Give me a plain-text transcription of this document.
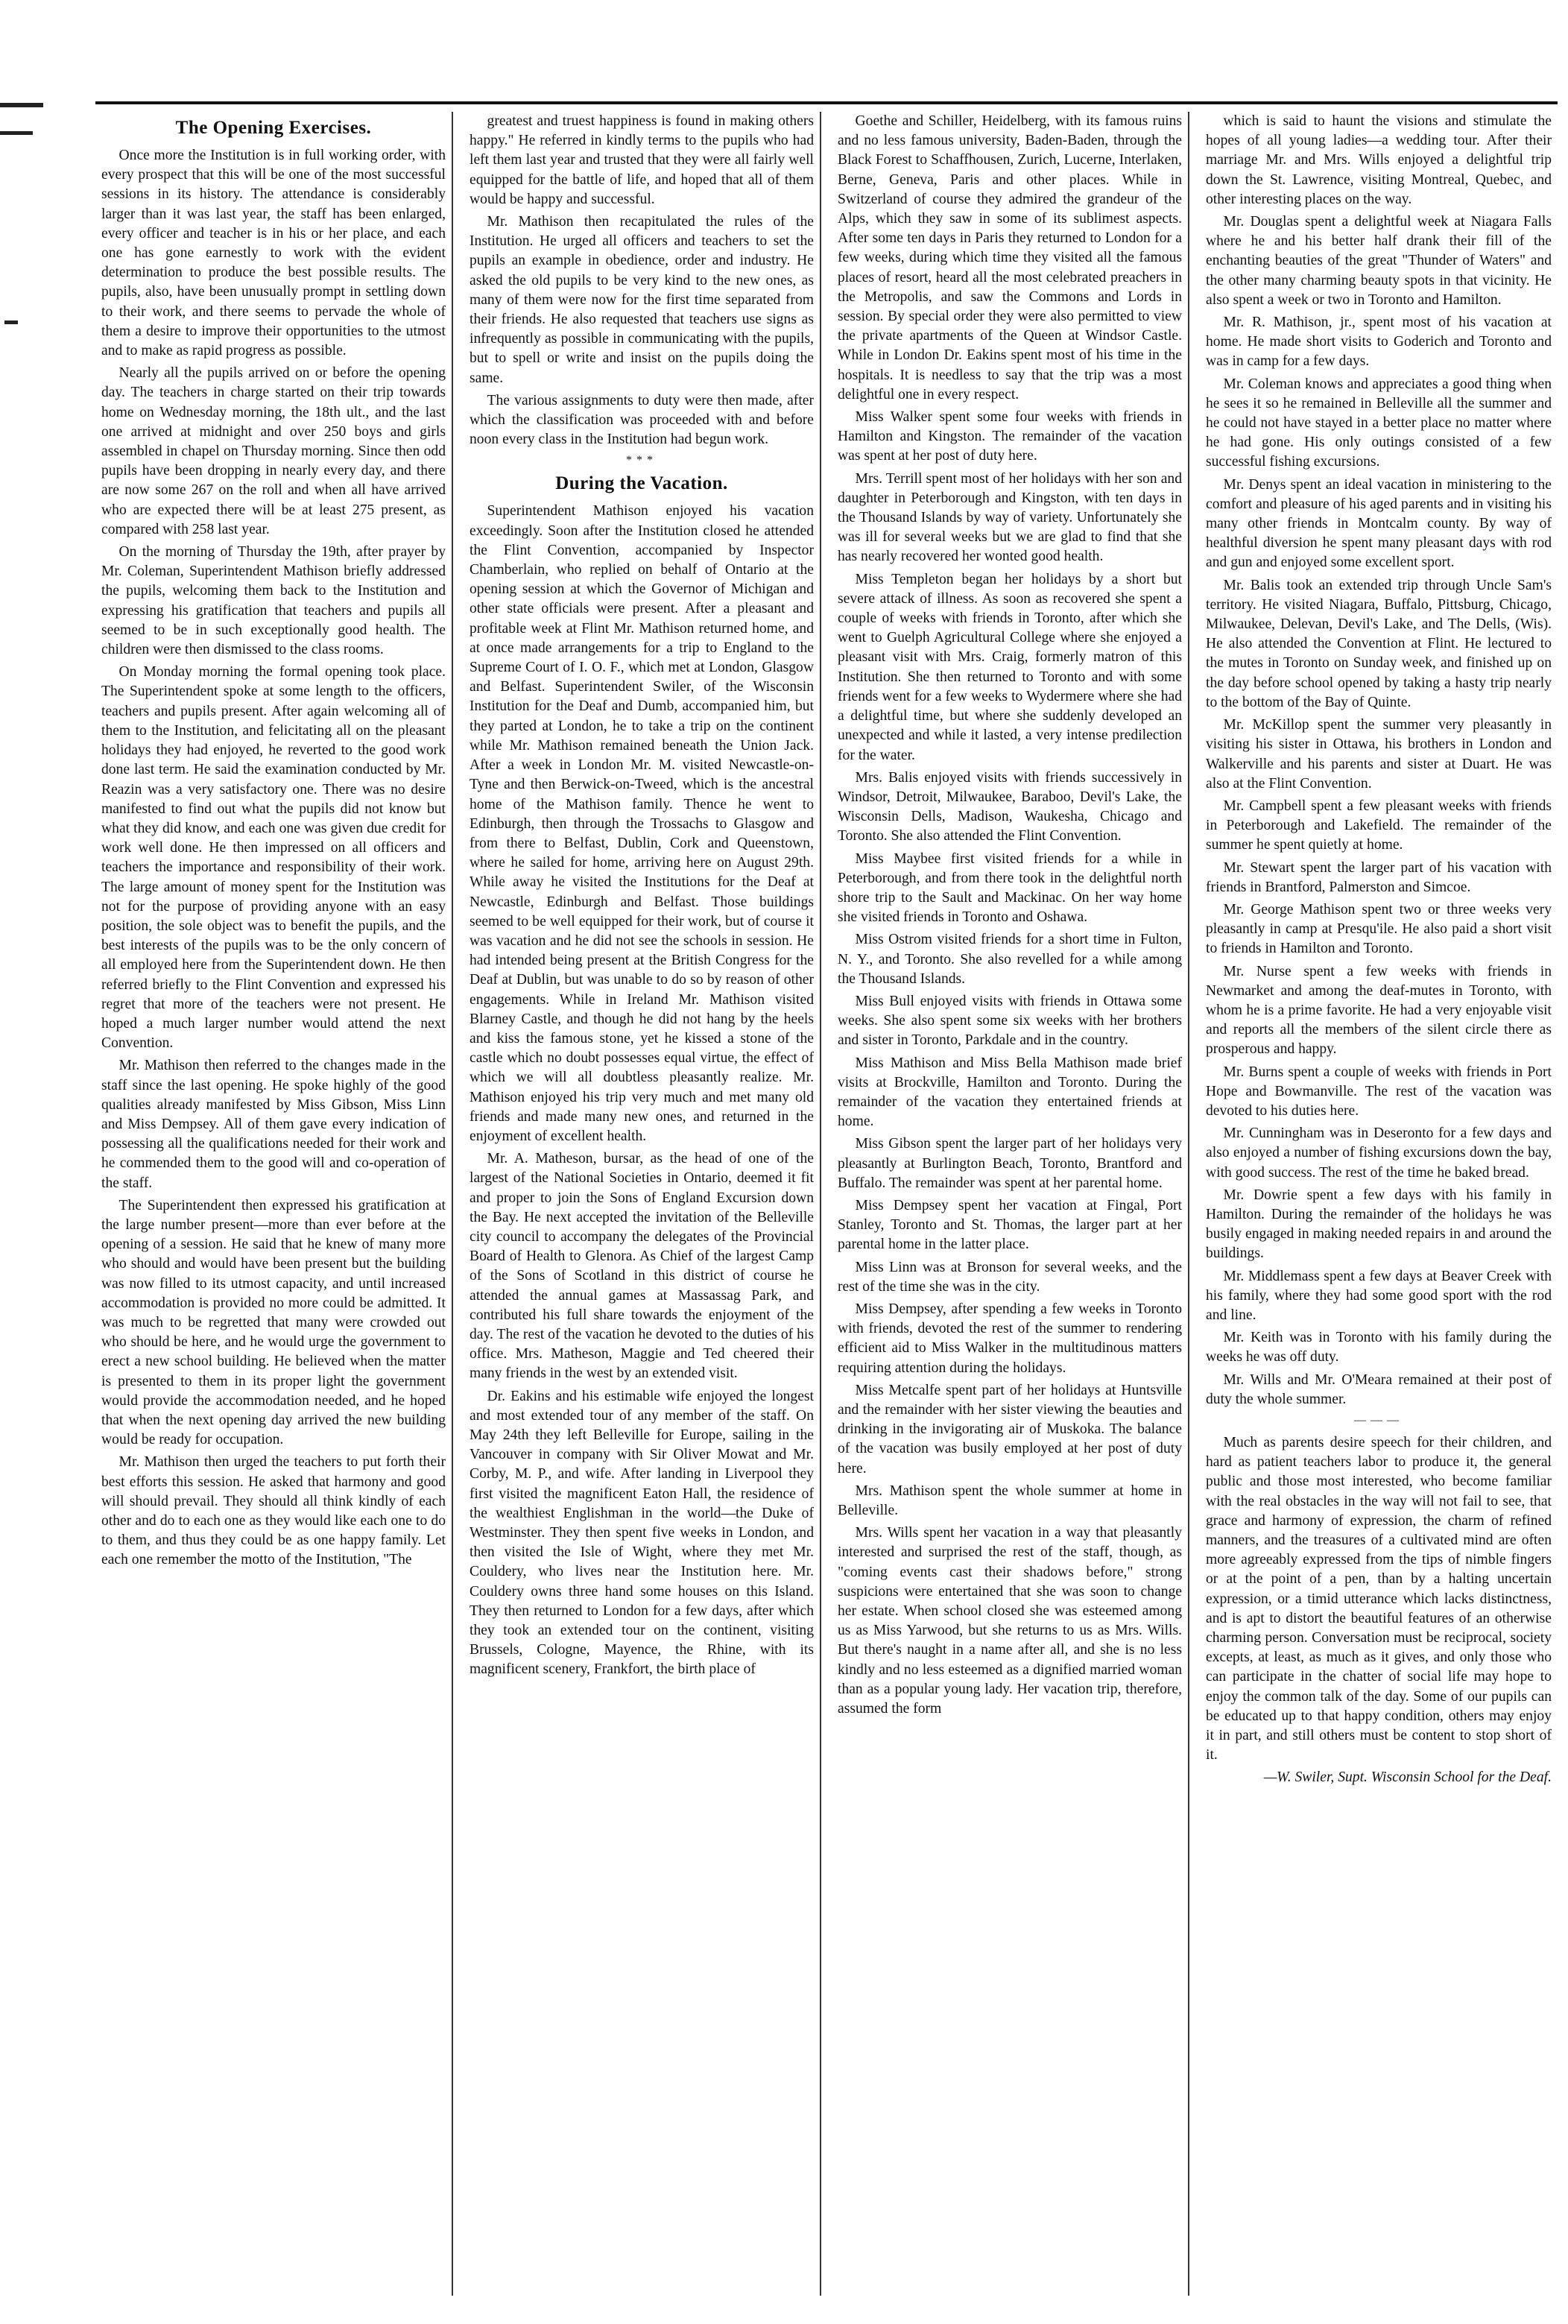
The Opening Exercises.

Once more the Institution is in full working order, with every prospect that this will be one of the most successful sessions in its history. The attendance is considerably larger than it was last year, the staff has been enlarged, every officer and teacher is in his or her place, and each one has gone earnestly to work with the evident determination to produce the best possible results. The pupils, also, have been unusually prompt in settling down to their work, and there seems to pervade the whole of them a desire to improve their opportunities to the utmost and to make as rapid progress as possible.

Nearly all the pupils arrived on or before the opening day. The teachers in charge started on their trip towards home on Wednesday morning, the 18th ult., and the last one arrived at midnight and over 250 boys and girls assembled in chapel on Thursday morning. Since then odd pupils have been dropping in nearly every day, and there are now some 267 on the roll and when all have arrived who are expected there will be at least 275 present, as compared with 258 last year.

On the morning of Thursday the 19th, after prayer by Mr. Coleman, Superintendent Mathison briefly addressed the pupils, welcoming them back to the Institution and expressing his gratification that teachers and pupils all seemed to be in such exceptionally good health. The children were then dismissed to the class rooms.

On Monday morning the formal opening took place. The Superintendent spoke at some length to the officers, teachers and pupils present. After again welcoming all of them to the Institution, and felicitating all on the pleasant holidays they had enjoyed, he reverted to the good work done last term. He said the examination conducted by Mr. Reazin was a very satisfactory one. There was no desire manifested to find out what the pupils did not know but what they did know, and each one was given due credit for work well done. He then impressed on all officers and teachers the importance and responsibility of their work. The large amount of money spent for the Institution was not for the purpose of providing anyone with an easy position, the sole object was to benefit the pupils, and the best interests of the pupils was to be the only concern of all employed here from the Superintendent down. He then referred briefly to the Flint Convention and expressed his regret that more of the teachers were not present. He hoped a much larger number would attend the next Convention.

Mr. Mathison then referred to the changes made in the staff since the last opening. He spoke highly of the good qualities already manifested by Miss Gibson, Miss Linn and Miss Dempsey. All of them gave every indication of possessing all the qualifications needed for their work and he commended them to the good will and co-operation of the staff.

The Superintendent then expressed his gratification at the large number present—more than ever before at the opening of a session. He said that he knew of many more who should and would have been present but the building was now filled to its utmost capacity, and until increased accommodation is provided no more could be admitted. It was much to be regretted that many were crowded out who should be here, and he would urge the government to erect a new school building. He believed when the matter is presented to them in its proper light the government would provide the accommodation needed, and he hoped that when the next opening day arrived the new building would be ready for occupation.

Mr. Mathison then urged the teachers to put forth their best efforts this session. He asked that harmony and good will should prevail. They should all think kindly of each other and do to each one as they would like each one to do to them, and thus they could be as one happy family. Let each one remember the motto of the Institution, "The

greatest and truest happiness is found in making others happy." He referred in kindly terms to the pupils who had left them last year and trusted that they were all fairly well equipped for the battle of life, and hoped that all of them would be happy and successful.

Mr. Mathison then recapitulated the rules of the Institution. He urged all officers and teachers to set the pupils an example in obedience, order and industry. He asked the old pupils to be very kind to the new ones, as many of them were now for the first time separated from their friends. He also requested that teachers use signs as infrequently as possible in communicating with the pupils, but to spell or write and insist on the pupils doing the same.

The various assignments to duty were then made, after which the classification was proceeded with and before noon every class in the Institution had begun work.

***
During the Vacation.

Superintendent Mathison enjoyed his vacation exceedingly. Soon after the Institution closed he attended the Flint Convention, accompanied by Inspector Chamberlain, who replied on behalf of Ontario at the opening session at which the Governor of Michigan and other state officials were present. After a pleasant and profitable week at Flint Mr. Mathison returned home, and at once made arrangements for a trip to England to the Supreme Court of I. O. F., which met at London, Glasgow and Belfast. Superintendent Swiler, of the Wisconsin Institution for the Deaf and Dumb, accompanied him, but they parted at London, he to take a trip on the continent while Mr. Mathison remained beneath the Union Jack. After a week in London Mr. M. visited Newcastle-on-Tyne and then Berwick-on-Tweed, which is the ancestral home of the Mathison family. Thence he went to Edinburgh, then through the Trossachs to Glasgow and from there to Belfast, Dublin, Cork and Queenstown, where he sailed for home, arriving here on August 29th. While away he visited the Institutions for the Deaf at Newcastle, Edinburgh and Belfast. Those buildings seemed to be well equipped for their work, but of course it was vacation and he did not see the schools in session. He had intended being present at the British Congress for the Deaf at Dublin, but was unable to do so by reason of other engagements. While in Ireland Mr. Mathison visited Blarney Castle, and though he did not hang by the heels and kiss the famous stone, yet he kissed a stone of the castle which no doubt possesses equal virtue, the effect of which we will all doubtless pleasantly realize. Mr. Mathison enjoyed his trip very much and met many old friends and made many new ones, and returned in the enjoyment of excellent health.

Mr. A. Matheson, bursar, as the head of one of the largest of the National Societies in Ontario, deemed it fit and proper to join the Sons of England Excursion down the Bay. He next accepted the invitation of the Belleville city council to accompany the delegates of the Provincial Board of Health to Glenora. As Chief of the largest Camp of the Sons of Scotland in this district of course he attended the annual games at Massassag Park, and contributed his full share towards the enjoyment of the day. The rest of the vacation he devoted to the duties of his office. Mrs. Matheson, Maggie and Ted cheered their many friends in the west by an extended visit.

Dr. Eakins and his estimable wife enjoyed the longest and most extended tour of any member of the staff. On May 24th they left Belleville for Europe, sailing in the Vancouver in company with Sir Oliver Mowat and Mr. Corby, M. P., and wife. After landing in Liverpool they first visited the magnificent Eaton Hall, the residence of the wealthiest Englishman in the world—the Duke of Westminster. They then spent five weeks in London, and then visited the Isle of Wight, where they met Mr. Couldery, who lives near the Institution here. Mr. Couldery owns three hand some houses on this Island. They then returned to London for a few days, after which they took an extended tour on the continent, visiting Brussels, Cologne, Mayence, the Rhine, with its magnificent scenery, Frankfort, the birth place of

Goethe and Schiller, Heidelberg, with its famous ruins and no less famous university, Baden-Baden, through the Black Forest to Schaffhousen, Zurich, Lucerne, Interlaken, Berne, Geneva, Paris and other places. While in Switzerland of course they admired the grandeur of the Alps, which they saw in some of its sublimest aspects. After some ten days in Paris they returned to London for a few weeks, during which time they visited all the famous places of resort, heard all the most celebrated preachers in the Metropolis, and saw the Commons and Lords in session. By special order they were also permitted to view the private apartments of the Queen at Windsor Castle. While in London Dr. Eakins spent most of his time in the hospitals. It is needless to say that the trip was a most delightful one in every respect.

Miss Walker spent some four weeks with friends in Hamilton and Kingston. The remainder of the vacation was spent at her post of duty here.

Mrs. Terrill spent most of her holidays with her son and daughter in Peterborough and Kingston, with ten days in the Thousand Islands by way of variety. Unfortunately she was ill for several weeks but we are glad to find that she has nearly recovered her wonted good health.

Miss Templeton began her holidays by a short but severe attack of illness. As soon as recovered she spent a couple of weeks with friends in Toronto, after which she went to Guelph Agricultural College where she enjoyed a pleasant visit with Mrs. Craig, formerly matron of this Institution. She then returned to Toronto and with some friends went for a few weeks to Wydermere where she had a delightful time, but where she suddenly developed an unexpected and while it lasted, a very intense predilection for the water.

Mrs. Balis enjoyed visits with friends successively in Windsor, Detroit, Milwaukee, Baraboo, Devil's Lake, the Wisconsin Dells, Madison, Waukesha, Chicago and Toronto. She also attended the Flint Convention.

Miss Maybee first visited friends for a while in Peterborough, and from there took in the delightful north shore trip to the Sault and Mackinac. On her way home she visited friends in Toronto and Oshawa.

Miss Ostrom visited friends for a short time in Fulton, N. Y., and Toronto. She also revelled for a while among the Thousand Islands.

Miss Bull enjoyed visits with friends in Ottawa some weeks. She also spent some six weeks with her brothers and sister in Toronto, Parkdale and in the country.

Miss Mathison and Miss Bella Mathison made brief visits at Brockville, Hamilton and Toronto. During the remainder of the vacation they entertained friends at home.

Miss Gibson spent the larger part of her holidays very pleasantly at Burlington Beach, Toronto, Brantford and Buffalo. The remainder was spent at her parental home.

Miss Dempsey spent her vacation at Fingal, Port Stanley, Toronto and St. Thomas, the larger part at her parental home in the latter place.

Miss Linn was at Bronson for several weeks, and the rest of the time she was in the city.

Miss Dempsey, after spending a few weeks in Toronto with friends, devoted the rest of the summer to rendering efficient aid to Miss Walker in the multitudinous matters requiring attention during the holidays.

Miss Metcalfe spent part of her holidays at Huntsville and the remainder with her sister viewing the beauties and drinking in the invigorating air of Muskoka. The balance of the vacation was busily employed at her post of duty here.

Mrs. Mathison spent the whole summer at home in Belleville.

Mrs. Wills spent her vacation in a way that pleasantly interested and surprised the rest of the staff, though, as "coming events cast their shadows before," strong suspicions were entertained that she was soon to change her estate. When school closed she was esteemed among us as Miss Yarwood, but she returns to us as Mrs. Wills. But there's naught in a name after all, and she is no less kindly and no less esteemed as a dignified married woman than as a popular young lady. Her vacation trip, therefore, assumed the form

which is said to haunt the visions and stimulate the hopes of all young ladies—a wedding tour. After their marriage Mr. and Mrs. Wills enjoyed a delightful trip down the St. Lawrence, visiting Montreal, Quebec, and other interesting places on the way.

Mr. Douglas spent a delightful week at Niagara Falls where he and his better half drank their fill of the enchanting beauties of the great "Thunder of Waters" and the other many charming beauty spots in that vicinity. He also spent a week or two in Toronto and Hamilton.

Mr. R. Mathison, jr., spent most of his vacation at home. He made short visits to Goderich and Toronto and was in camp for a few days.

Mr. Coleman knows and appreciates a good thing when he sees it so he remained in Belleville all the summer and he could not have stayed in a better place no matter where he had gone. His only outings consisted of a few successful fishing excursions.

Mr. Denys spent an ideal vacation in ministering to the comfort and pleasure of his aged parents and in visiting his many other friends in Montcalm county. By way of healthful diversion he spent many pleasant days with rod and gun and enjoyed some excellent sport.

Mr. Balis took an extended trip through Uncle Sam's territory. He visited Niagara, Buffalo, Pittsburg, Chicago, Milwaukee, Delevan, Devil's Lake, and The Dells, (Wis). He also attended the Convention at Flint. He lectured to the mutes in Toronto on Sunday week, and finished up on the day before school opened by taking a hasty trip nearly to the bottom of the Bay of Quinte.

Mr. McKillop spent the summer very pleasantly in visiting his sister in Ottawa, his brothers in London and Walkerville and his parents and sister at Duart. He was also at the Flint Convention.

Mr. Campbell spent a few pleasant weeks with friends in Peterborough and Lakefield. The remainder of the summer he spent quietly at home.

Mr. Stewart spent the larger part of his vacation with friends in Brantford, Palmerston and Simcoe.

Mr. George Mathison spent two or three weeks very pleasantly in camp at Presqu'ile. He also paid a short visit to friends in Hamilton and Toronto.

Mr. Nurse spent a few weeks with friends in Newmarket and among the deaf-mutes in Toronto, with whom he is a prime favorite. He had a very enjoyable visit and reports all the members of the silent circle there as prosperous and happy.

Mr. Burns spent a couple of weeks with friends in Port Hope and Bowmanville. The rest of the vacation was devoted to his duties here.

Mr. Cunningham was in Deseronto for a few days and also enjoyed a number of fishing excursions down the bay, with good success. The rest of the time he baked bread.

Mr. Dowrie spent a few days with his family in Hamilton. During the remainder of the holidays he was busily engaged in making needed repairs in and around the buildings.

Mr. Middlemass spent a few days at Beaver Creek with his family, where they had some good sport with the rod and line.

Mr. Keith was in Toronto with his family during the weeks he was off duty.

Mr. Wills and Mr. O'Meara remained at their post of duty the whole summer.

———

Much as parents desire speech for their children, and hard as patient teachers labor to produce it, the general public and those most interested, who become familiar with the real obstacles in the way will not fail to see, that grace and harmony of expression, the charm of refined manners, and the treasures of a cultivated mind are often more agreeably expressed from the tips of nimble fingers or at the point of a pen, than by a halting uncertain expression, or a timid utterance which lacks distinctness, and is apt to distort the beautiful features of an otherwise charming person. Conversation must be reciprocal, society excepts, at least, as much as it gives, and only those who can participate in the chatter of social life may hope to enjoy the common talk of the day. Some of our pupils can be educated up to that happy condition, others may enjoy it in part, and still others must be content to stop short of it.

—W. Swiler, Supt. Wisconsin School for the Deaf.
